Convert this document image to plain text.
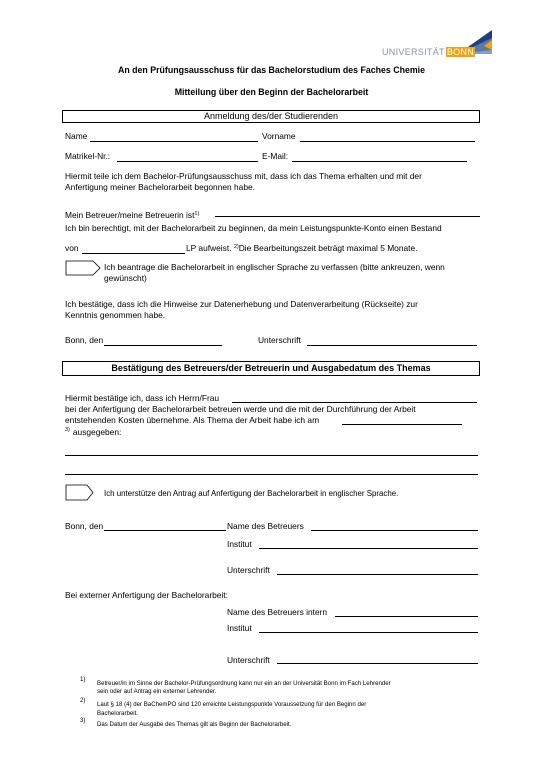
UNIVERSITÄT BONN
An den Prüfungsausschuss für das Bachelorstudium des Faches Chemie
Mitteilung über den Beginn der Bachelorarbeit
Anmeldung des/der Studierenden
Name	Vorname
Matrikel-Nr.:	E-Mail:
Hiermit teile ich dem Bachelor-Prüfungsausschuss mit, dass ich das Thema erhalten und mit der
Anfertigung meiner Bachelorarbeit begonnen habe.
Mein Betreuer/meine Betreuerin ist$^{1)}$
Ich bin berechtigt, mit der Bachelorarbeit zu beginnen, da mein Leistungspunkte-Konto einen Bestand
von	LP aufweist. $^{2)}$Die Bearbeitungszeit beträgt maximal 5 Monate.
Ich beantrage die Bachelorarbeit in englischer Sprache zu verfassen (bitte ankreuzen, wenn
gewünscht)
Ich bestätige, dass ich die Hinweise zur Datenerhebung und Datenverarbeitung (Rückseite) zur
Kenntnis genommen habe.
Bonn, den	Unterschrift
Bestätigung des Betreuers/der Betreuerin und Ausgabedatum des Themas
Hiermit bestätige ich, dass ich Herrn/Frau
bei der Anfertigung der Bachelorarbeit betreuen werde und die mit der Durchführung der Arbeit
entstehenden Kosten übernehme. Als Thema der Arbeit habe ich am
$^{3)}$ ausgegeben:
Ich unterstütze den Antrag auf Anfertigung der Bachelorarbeit in englischer Sprache.
Bonn, den	Name des Betreuers
Institut
Unterschrift
Bei externer Anfertigung der Bachelorarbeit:
Name des Betreuers intern
Institut
Unterschrift
1)
Betreuer/in im Sinne der Bachelor-Prüfungsordnung kann nur ein an der Universität Bonn im Fach Lehrender
sein oder auf Antrag ein externer Lehrender.
2)
Laut § 18 (4) der BaChemPO sind 120 erreichte Leistungspunkte Voraussetzung für den Beginn der
Bachelorarbeit.
3)
Das Datum der Ausgabe des Themas gilt als Beginn der Bachelorarbeit.
